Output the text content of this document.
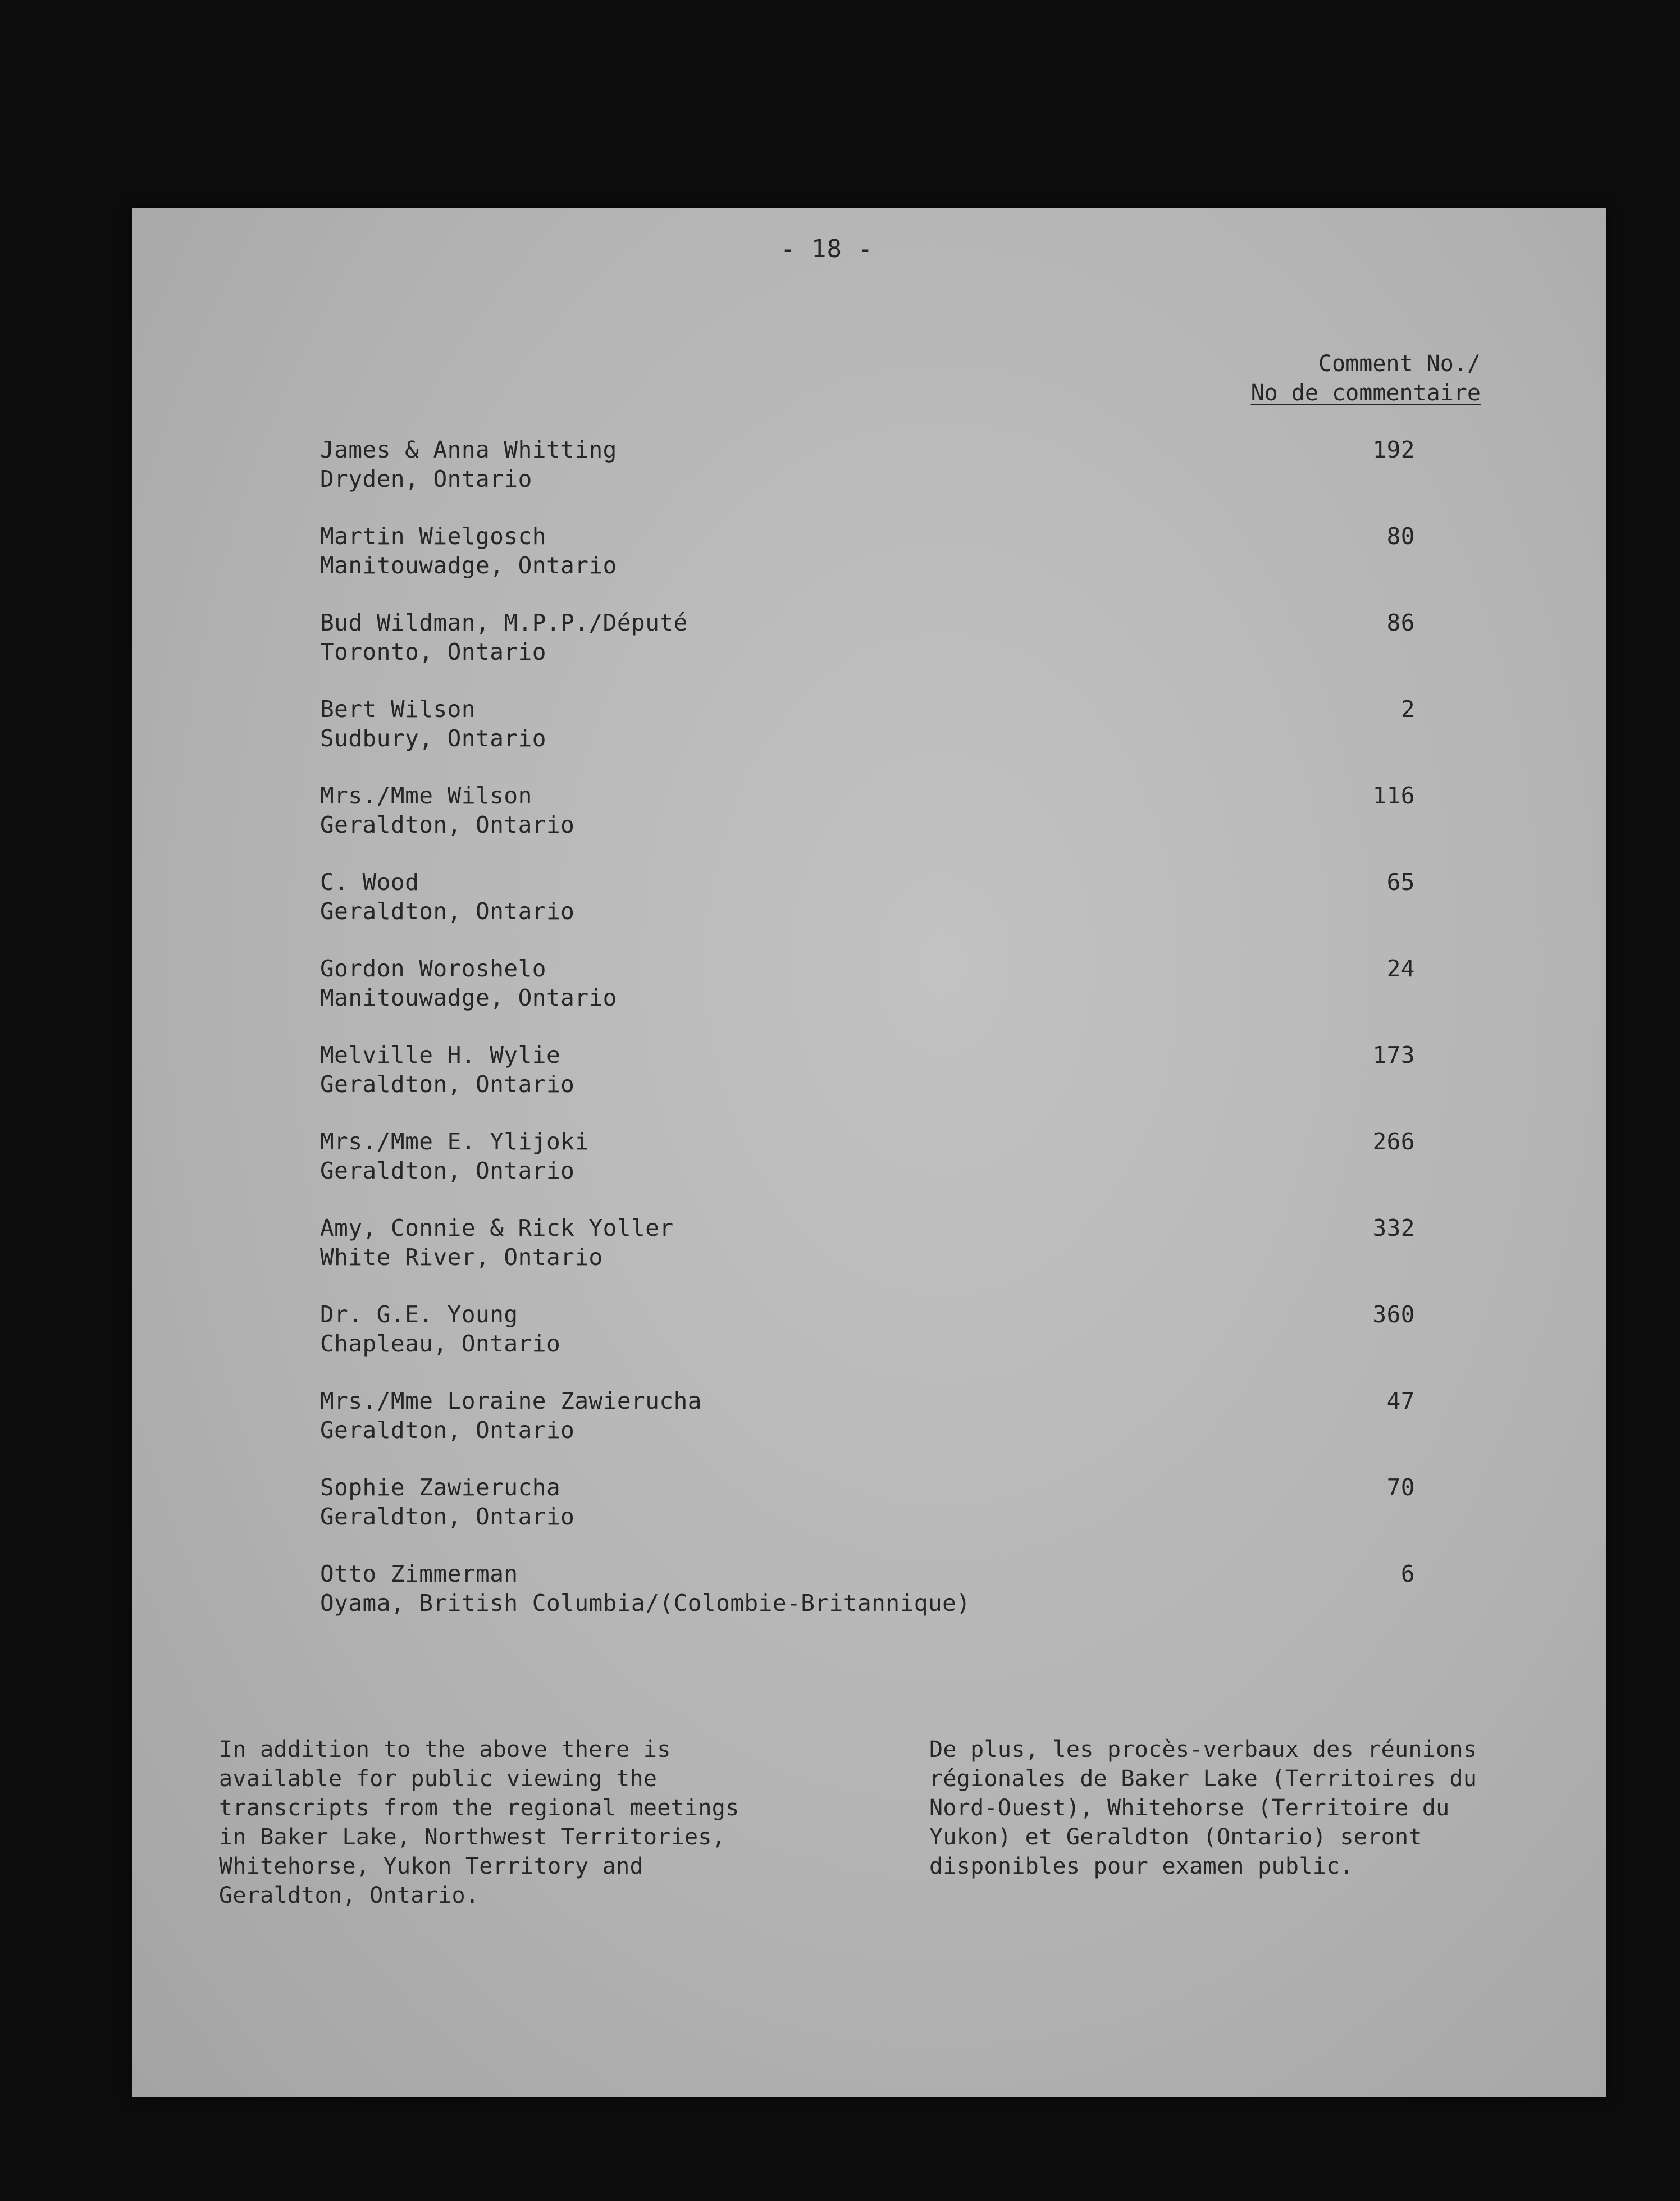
- 18 -
Comment No./
No de commentaire
James & Anna Whitting
Dryden, Ontario
192
Martin Wielgosch
Manitouwadge, Ontario
80
Bud Wildman, M.P.P./Député
Toronto, Ontario
86
Bert Wilson
Sudbury, Ontario
2
Mrs./Mme Wilson
Geraldton, Ontario
116
C. Wood
Geraldton, Ontario
65
Gordon Woroshelo
Manitouwadge, Ontario
24
Melville H. Wylie
Geraldton, Ontario
173
Mrs./Mme E. Ylijoki
Geraldton, Ontario
266
Amy, Connie & Rick Yoller
White River, Ontario
332
Dr. G.E. Young
Chapleau, Ontario
360
Mrs./Mme Loraine Zawierucha
Geraldton, Ontario
47
Sophie Zawierucha
Geraldton, Ontario
70
Otto Zimmerman
Oyama, British Columbia/(Colombie-Britannique)
6
In addition to the above there is
available for public viewing the
transcripts from the regional meetings
in Baker Lake, Northwest Territories,
Whitehorse, Yukon Territory and
Geraldton, Ontario.
De plus, les procès-verbaux des réunions
régionales de Baker Lake (Territoires du
Nord-Ouest), Whitehorse (Territoire du
Yukon) et Geraldton (Ontario) seront
disponibles pour examen public.
